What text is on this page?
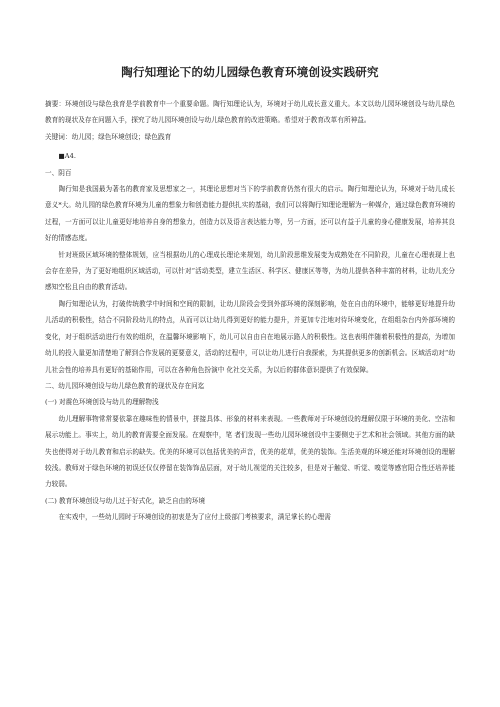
陶行知理论下的幼儿园绿色教育环境创设实践研究

摘要：环境创设与绿色我育是学前教育中一个重要命题。陶行知理论认为，环境对于幼儿成长意义重大。本文以幼儿园环境创设与幼儿绿色教育的现状及存在问题入手，探究了幼儿园环境创设与幼儿绿色教育的改进策略。希望对于教育改革有所神益。

关键词：幼儿园；绿色环境创设；绿色践育

■A4.

一、阴百

陶行知是我国最为著名的教育家及思想家之一，其理论思想对当下的学前教育仍然有很大的启示。陶行知理论认为，环境对于幼儿成长意义*大。幼儿园的绿色教育环境为儿童的想象力和创造能力提供扎实的基础，我们可以将陶行知理论理解为一种媒介，通过绿色教育环境的过程，一方面可以让儿童更好地培养自身的想象力，创造力以及语言表达能力等，另一方面，还可以有益于儿童的身心健康发展，培养其良好的情感态度。

针对班级区域环境的整体规划，应当根据幼儿的心理成长理论来规划，幼儿阶段思维发展变为成熟处在不同阶段，儿童在心理表现上也会存在差异，为了更好地组织区域活动，可以针对“活动类型，建立生活区、科学区、健康区等等，为幼儿提供各种丰富的材料，让幼儿充分感知空松且自由的教育活动。

陶行知理论认为，打破传统教学中时间和空间的限制，让幼儿阶段会受到外部环境的深刻影响，处在自由的环境中，能够更好地提升幼儿活动的积极性，结合不同阶段幼儿的特点，从而可以让幼儿得到更好的能力提升，并更加专注地对待环境变化，在组组杂台内外部环境的变化，对于组织活动进行有效的组织，在温馨环境影响下，幼儿可以自由自在地展示路人的积极性。这也表明伴随着积极性的提高，为增加幼儿的投入量更加清楚地了解到合作发展的更要意义，活动的过程中，可以让幼儿进行自我探索，为其提供更多的创新机会。区域活动对“幼儿社会性的培养具有更好的基础作用，可以在各种角色扮演中 化社交关系，为以后的群体意识提供了有效保障。

二、幼儿园环境创设与幼儿绿色教育的现状及存在问迄

(一) 对震色环境创设与幼儿的理解物浅

幼儿理解事物常常要依靠在趣味性的情景中，拼接具体、形象的材料来表现。一些教师对于环境创设的理解仅限于环境的美化、空洁和展示功能上。事实上，幼儿的教育需要全面发展。在观察中，笔 者们发现一些幼儿园环境创设中主要侧史于艺术和社会领域。其他方面的缺失也使得对于幼儿教育和启示的缺失。优美的环境可以包括优美的声音，优美的花草，优美的装饰。生活美观的环境还能对环境创设的理解较浅。教师对于绿色环境的初误还仅仅停留在装饰饰品层面，对于幼儿视觉的关注较多，但是对于触觉、听觉、嗅觉等感官阳合性还培养能力较弱。

(二) 教育环境创设与幼儿过于好式化，缺乏自由的环境

在实戏中，一些幼儿园时于环境创设的初衷是为了应付上级部门考核要求，满足掌长的心理需
